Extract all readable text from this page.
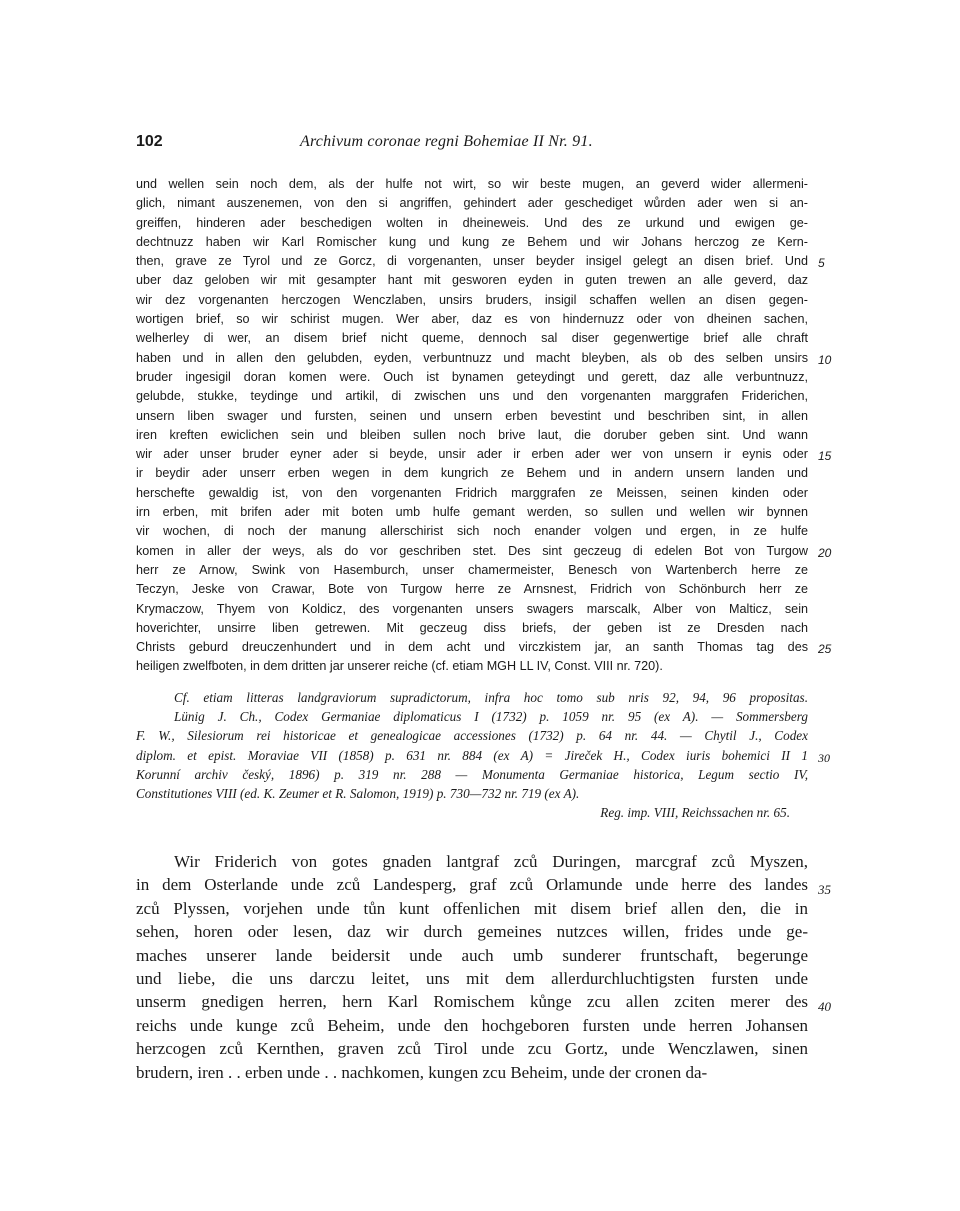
102	Archivum coronae regni Bohemiae II Nr. 91.
und wellen sein noch dem, als der hulfe not wirt, so wir beste mugen, an geverd wider allermeni-
glich, nimant auszenemen, von den si angriffen, gehindert ader geschediget wůrden ader wen si an-
greiffen, hinderen ader beschedigen wolten in dheineweis. Und des ze urkund und ewigen ge-
dechtnuzz haben wir Karl Romischer kung und kung ze Behem und wir Johans herczog ze Kern-
then, grave ze Tyrol und ze Gorcz, di vorgenanten, unser beyder insigel gelegt an disen brief. Und 5
uber daz geloben wir mit gesampter hant mit gesworen eyden in guten trewen an alle geverd, daz
wir dez vorgenanten herczogen Wenczlaben, unsirs bruders, insigil schaffen wellen an disen gegen-
wortigen brief, so wir schirist mugen. Wer aber, daz es von hindernuzz oder von dheinen sachen,
welherley di wer, an disem brief nicht queme, dennoch sal diser gegenwertige brief alle chraft
haben und in allen den gelubden, eyden, verbuntnuzz und macht bleyben, als ob des selben unsirs 10
bruder ingesigil doran komen were. Ouch ist bynamen geteydingt und gerett, daz alle verbuntnuzz,
gelubde, stukke, teydinge und artikil, di zwischen uns und den vorgenanten marggrafen Friderichen,
unsern liben swager und fursten, seinen und unsern erben bevestint und beschriben sint, in allen
iren kreften ewiclichen sein und bleiben sullen noch brive laut, die doruber geben sint. Und wann
wir ader unser bruder eyner ader si beyde, unsir ader ir erben ader wer von unsern ir eynis oder 15
ir beydir ader unserr erben wegen in dem kungrich ze Behem und in andern unsern landen und
herschefte gewaldig ist, von den vorgenanten Fridrich marggrafen ze Meissen, seinen kinden oder
irn erben, mit brifen ader mit boten umb hulfe gemant werden, so sullen und wellen wir bynnen
vir wochen, di noch der manung allerschirist sich noch enander volgen und ergen, in ze hulfe
komen in aller der weys, als do vor geschriben stet. Des sint geczeug di edelen Bot von Turgow 20
herr ze Arnow, Swink von Hasemburch, unser chamermeister, Benesch von Wartenberch herre ze
Teczyn, Jeske von Crawar, Bote von Turgow herre ze Arnsnest, Fridrich von Schönburch herr ze
Krymaczow, Thyem von Koldicz, des vorgenanten unsers swagers marscalk, Alber von Malticz, sein
hoverichter, unsirre liben getrewen. Mit geczeug diss briefs, der geben ist ze Dresden nach
Christs geburd dreuczenhundert und in dem acht und virczkistem jar, an santh Thomas tag des 25
heiligen zwelfboten, in dem dritten jar unserer reiche (cf. etiam MGH LL IV, Const. VIII nr. 720).
Cf. etiam litteras landgraviorum supradictorum, infra hoc tomo sub nris 92, 94, 96 propositas.
Lünig J. Ch., Codex Germaniae diplomaticus I (1732) p. 1059 nr. 95 (ex A). — Sommersberg
F. W., Silesiorum rei historicae et genealogicae accessiones (1732) p. 64 nr. 44. — Chytil J., Codex
diplom. et epist. Moraviae VII (1858) p. 631 nr. 884 (ex A) = Jireček H., Codex iuris bohemici II 1 30
Korunní archiv český, 1896) p. 319 nr. 288 — Monumenta Germaniae historica, Legum sectio IV,
Constitutiones VIII (ed. K. Zeumer et R. Salomon, 1919) p. 730—732 nr. 719 (ex A).
Reg. imp. VIII, Reichssachen nr. 65.
Wir Friderich von gotes gnaden lantgraf zců Duringen, marcgraf zců Myszen,
in dem Osterlande unde zců Landesperg, graf zců Orlamunde unde herre des landes 35
zců Plyssen, vorjehen unde tůn kunt offenlichen mit disem brief allen den, die in
sehen, horen oder lesen, daz wir durch gemeines nutzces willen, frides unde ge-
maches unserer lande beidersit unde auch umb sunderer fruntschaft, begerunge
und liebe, die uns darczu leitet, uns mit dem allerdurchluchtigsten fursten unde
unserm gnedigen herren, hern Karl Romischem kůnge zcu allen zciten merer des 40
reichs unde kunge zců Beheim, unde den hochgeboren fursten unde herren Johansen
herzcogen zců Kernthen, graven zců Tirol unde zcu Gortz, unde Wenczlawen, sinen
brudern, iren . . erben unde . . nachkomen, kungen zcu Beheim, unde der cronen da-
